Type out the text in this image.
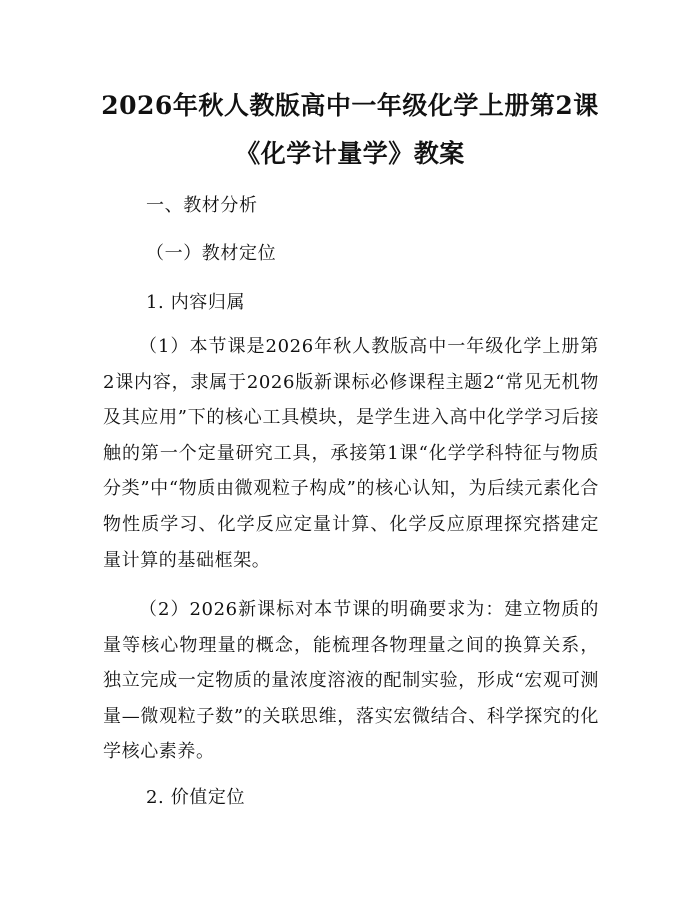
2026年秋人教版高中一年级化学上册第2课
《化学计量学》教案

一、教材分析

（一）教材定位

1. 内容归属

（1）本节课是2026年秋人教版高中一年级化学上册第2课内容，隶属于2026版新课标必修课程主题2“常见无机物及其应用”下的核心工具模块，是学生进入高中化学学习后接触的第一个定量研究工具，承接第1课“化学学科特征与物质分类”中“物质由微观粒子构成”的核心认知，为后续元素化合物性质学习、化学反应定量计算、化学反应原理探究搭建定量计算的基础框架。

（2）2026新课标对本节课的明确要求为：建立物质的量等核心物理量的概念，能梳理各物理量之间的换算关系，独立完成一定物质的量浓度溶液的配制实验，形成“宏观可测量—微观粒子数”的关联思维，落实宏微结合、科学探究的化学核心素养。

2. 价值定位
